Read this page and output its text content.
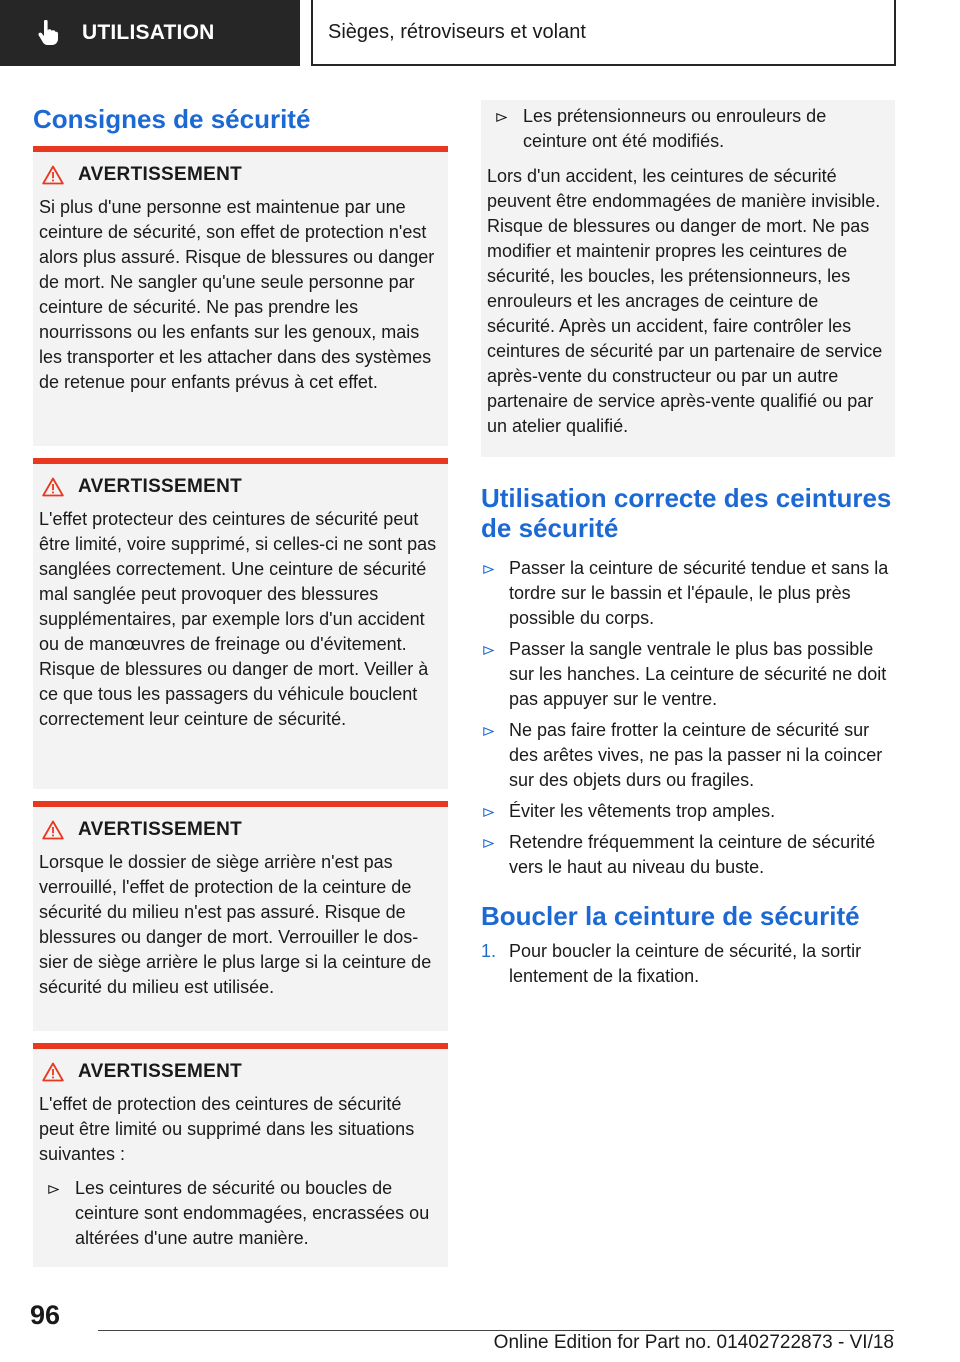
UTILISATION	Sièges, rétroviseurs et volant
Consignes de sécurité
AVERTISSEMENT

Si plus d'une personne est maintenue par une ceinture de sécurité, son effet de protection n'est alors plus assuré. Risque de blessures ou danger de mort. Ne sangler qu'une seule personne par ceinture de sécurité. Ne pas prendre les nourrissons ou les enfants sur les genoux, mais les transporter et les attacher dans des systèmes de retenue pour enfants prévus à cet effet.

AVERTISSEMENT

L'effet protecteur des ceintures de sécurité peut être limité, voire supprimé, si celles-ci ne sont pas sanglées correctement. Une ceinture de sécurité mal sanglée peut provoquer des blessures supplémentaires, par exemple lors d'un accident ou de manœuvres de freinage ou d'évitement. Risque de blessures ou danger de mort. Veiller à ce que tous les passagers du véhicule bouclent correctement leur ceinture de sécurité.

AVERTISSEMENT

Lorsque le dossier de siège arrière n'est pas verrouillé, l'effet de protection de la ceinture de sécurité du milieu n'est pas assuré. Risque de blessures ou danger de mort. Verrouiller le dossier de siège arrière le plus large si la ceinture de sécurité du milieu est utilisée.

AVERTISSEMENT

L'effet de protection des ceintures de sécurité peut être limité ou supprimé dans les situations suivantes :

Les ceintures de sécurité ou boucles de ceinture sont endommagées, encrassées ou altérées d'une autre manière.
Les prétensionneurs ou enrouleurs de ceinture ont été modifiés.

Lors d'un accident, les ceintures de sécurité peuvent être endommagées de manière invisible. Risque de blessures ou danger de mort. Ne pas modifier et maintenir propres les ceintures de sécurité, les boucles, les prétensionneurs, les enrouleurs et les ancrages de ceinture de sécurité. Après un accident, faire contrôler les ceintures de sécurité par un partenaire de service après-vente du constructeur ou par un autre partenaire de service après-vente qualifié ou par un atelier qualifié.

Utilisation correcte des ceintures de sécurité
Passer la ceinture de sécurité tendue et sans la tordre sur le bassin et l'épaule, le plus près possible du corps.
Passer la sangle ventrale le plus bas possible sur les hanches. La ceinture de sécurité ne doit pas appuyer sur le ventre.
Ne pas faire frotter la ceinture de sécurité sur des arêtes vives, ne pas la passer ni la coincer sur des objets durs ou fragiles.
Éviter les vêtements trop amples.
Retendre fréquemment la ceinture de sécurité vers le haut au niveau du buste.
Boucler la ceinture de sécurité
1. Pour boucler la ceinture de sécurité, la sortir lentement de la fixation.
96
Online Edition for Part no. 01402722873 - VI/18
